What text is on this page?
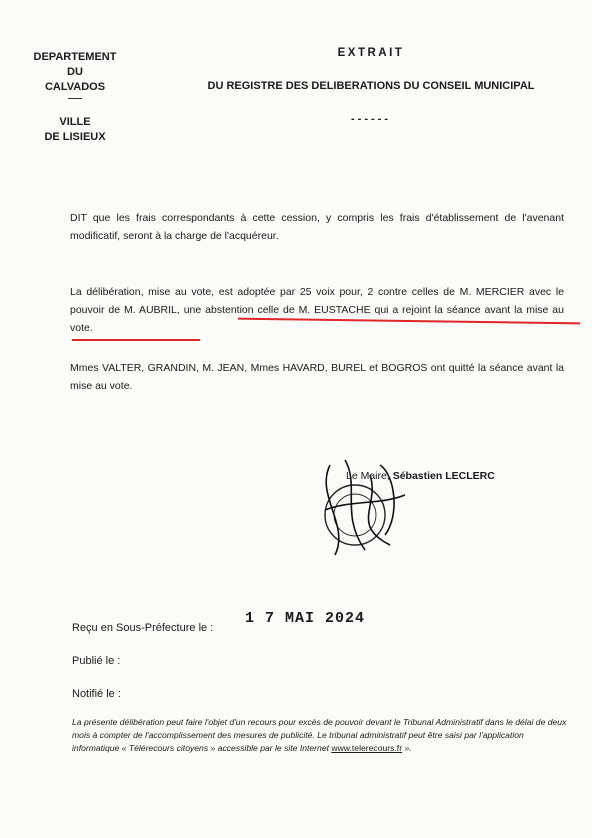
DEPARTEMENT
DU
CALVADOS
VILLE
DE LISIEUX
EXTRAIT
DU REGISTRE DES DELIBERATIONS DU CONSEIL MUNICIPAL
------
DIT que les frais correspondants à cette cession, y compris les frais d'établissement de l'avenant modificatif, seront à la charge de l'acquéreur.
La délibération, mise au vote, est adoptée par 25 voix pour, 2 contre celles de M. MERCIER avec le pouvoir de M. AUBRIL, une abstention celle de M. EUSTACHE qui a rejoint la séance avant la mise au vote.
Mmes VALTER, GRANDIN, M. JEAN, Mmes HAVARD, BUREL et BOGROS ont quitté la séance avant la mise au vote.
Le Maire, Sébastien LECLERC
Reçu en Sous-Préfecture le :
1 7 MAI 2024
Publié le :
Notifié le :
La présente délibération peut faire l'objet d'un recours pour excès de pouvoir devant le Tribunal Administratif dans le délai de deux mois à compter de l'accomplissement des mesures de publicité. Le tribunal administratif peut être saisi par l'application informatique « Télérecours citoyens » accessible par le site Internet www.telerecours.fr ».
